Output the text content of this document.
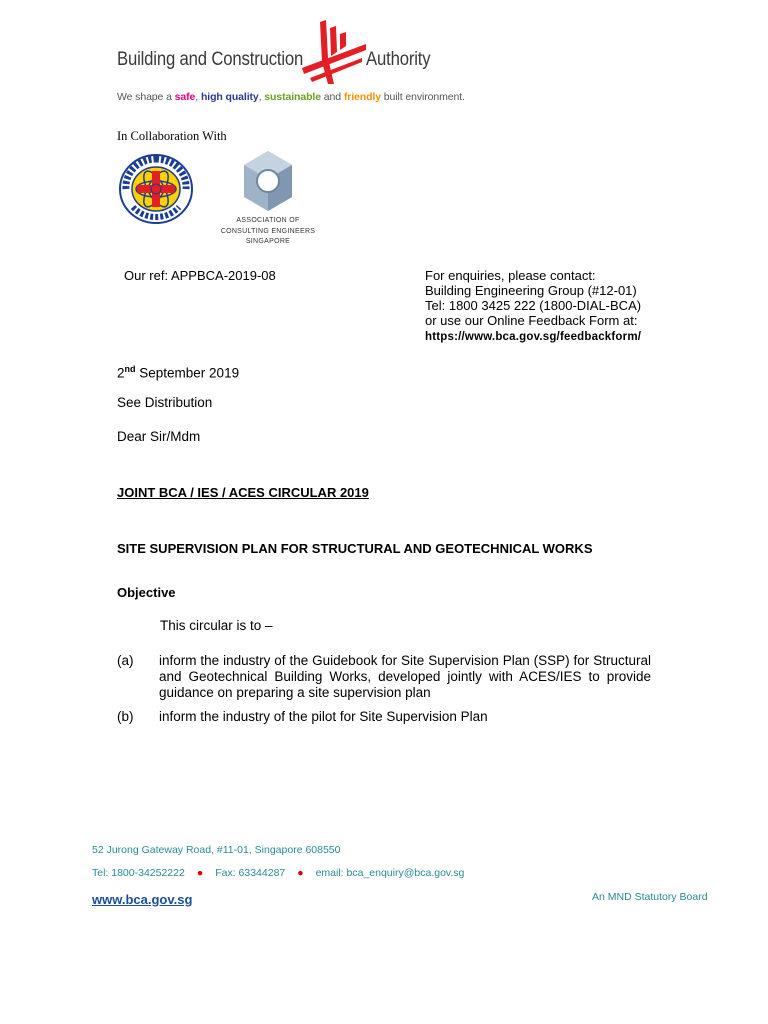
Building and Construction	Authority
We shape a safe, high quality, sustainable and friendly built environment.
In Collaboration With
ASSOCIATION OF
CONSULTING ENGINEERS
SINGAPORE
Our ref: APPBCA-2019-08	For enquiries, please contact:
Building Engineering Group (#12-01)
Tel: 1800 3425 222 (1800-DIAL-BCA)
or use our Online Feedback Form at:
https://www.bca.gov.sg/feedbackform/
2nd September 2019
See Distribution
Dear Sir/Mdm
JOINT BCA / IES / ACES CIRCULAR 2019
SITE SUPERVISION PLAN FOR STRUCTURAL AND GEOTECHNICAL WORKS
Objective
This circular is to –
(a) inform the industry of the Guidebook for Site Supervision Plan (SSP) for Structural and Geotechnical Building Works, developed jointly with ACES/IES to provide guidance on preparing a site supervision plan
(b) inform the industry of the pilot for Site Supervision Plan
52 Jurong Gateway Road, #11-01, Singapore 608550
Tel: 1800-34252222 ● Fax: 63344287 ● email: bca_enquiry@bca.gov.sg
www.bca.gov.sg	An MND Statutory Board
